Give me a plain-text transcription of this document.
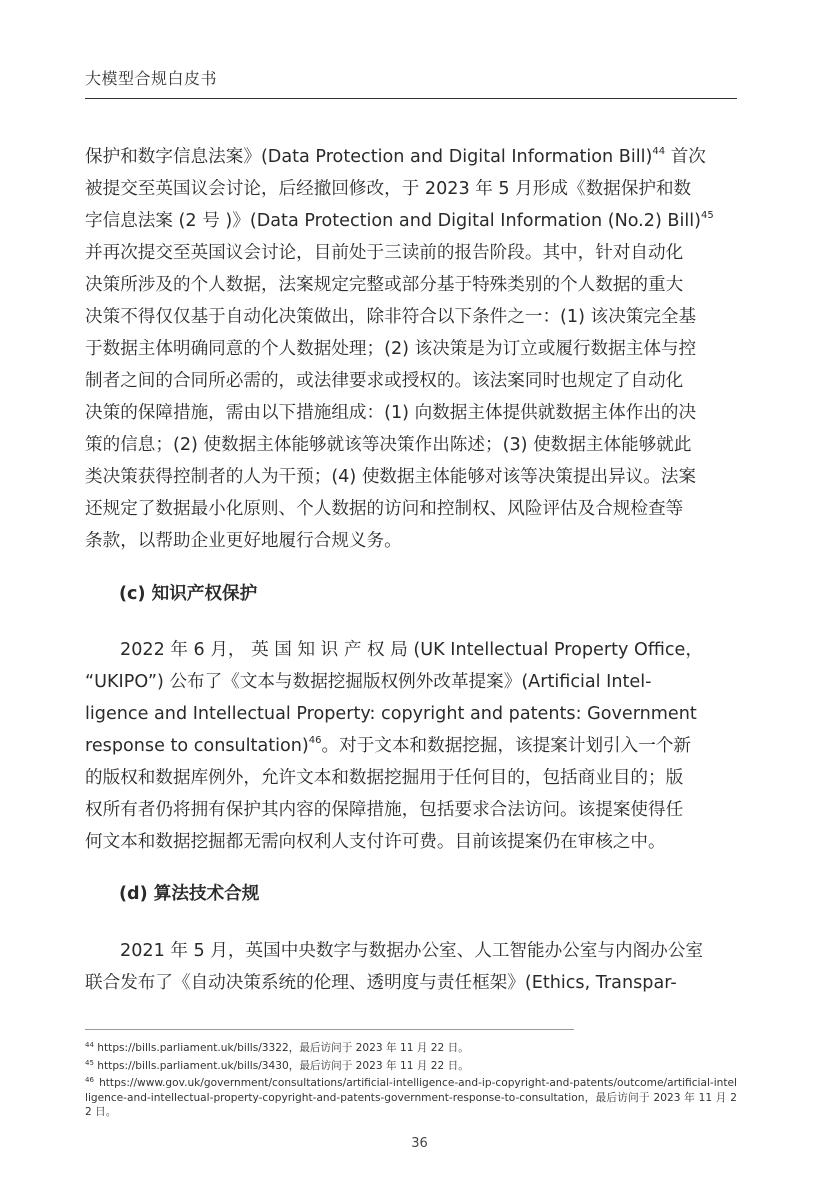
大模型合规白皮书
保护和数字信息法案》(Data Protection and Digital Information Bill)$^{44}$ 首次
被提交至英国议会讨论，后经撤回修改，于 2023 年 5 月形成《数据保护和数
字信息法案 (2 号 )》(Data Protection and Digital Information (No.2) Bill)$^{45}$
并再次提交至英国议会讨论，目前处于三读前的报告阶段。其中，针对自动化
决策所涉及的个人数据，法案规定完整或部分基于特殊类别的个人数据的重大
决策不得仅仅基于自动化决策做出，除非符合以下条件之一：(1) 该决策完全基
于数据主体明确同意的个人数据处理；(2) 该决策是为订立或履行数据主体与控
制者之间的合同所必需的，或法律要求或授权的。该法案同时也规定了自动化
决策的保障措施，需由以下措施组成：(1) 向数据主体提供就数据主体作出的决
策的信息；(2) 使数据主体能够就该等决策作出陈述；(3) 使数据主体能够就此
类决策获得控制者的人为干预；(4) 使数据主体能够对该等决策提出异议。法案
还规定了数据最小化原则、个人数据的访问和控制权、风险评估及合规检查等
条款，以帮助企业更好地履行合规义务。
(c) 知识产权保护
2022 年 6 月， 英 国 知 识 产 权 局 (UK Intellectual Property Office，
“UKIPO”) 公布了《文本与数据挖掘版权例外改革提案》(Artificial Intel-
ligence and Intellectual Property: copyright and patents: Government
response to consultation)$^{46}$。对于文本和数据挖掘，该提案计划引入一个新
的版权和数据库例外，允许文本和数据挖掘用于任何目的，包括商业目的；版
权所有者仍将拥有保护其内容的保障措施，包括要求合法访问。该提案使得任
何文本和数据挖掘都无需向权利人支付许可费。目前该提案仍在审核之中。
(d) 算法技术合规
2021 年 5 月，英国中央数字与数据办公室、人工智能办公室与内阁办公室
联合发布了《自动决策系统的伦理、透明度与责任框架》(Ethics, Transpar-
$^{44}$ https://bills.parliament.uk/bills/3322，最后访问于 2023 年 11 月 22 日。
$^{45}$ https://bills.parliament.uk/bills/3430，最后访问于 2023 年 11 月 22 日。
$^{46}$ https://www.gov.uk/government/consultations/artificial-intelligence-and-ip-copyright-and-patents/outcome/artificial-intelligence-and-intellectual-property-copyright-and-patents-government-response-to-consultation，最后访问于 2023 年 11 月 22 日。
36
